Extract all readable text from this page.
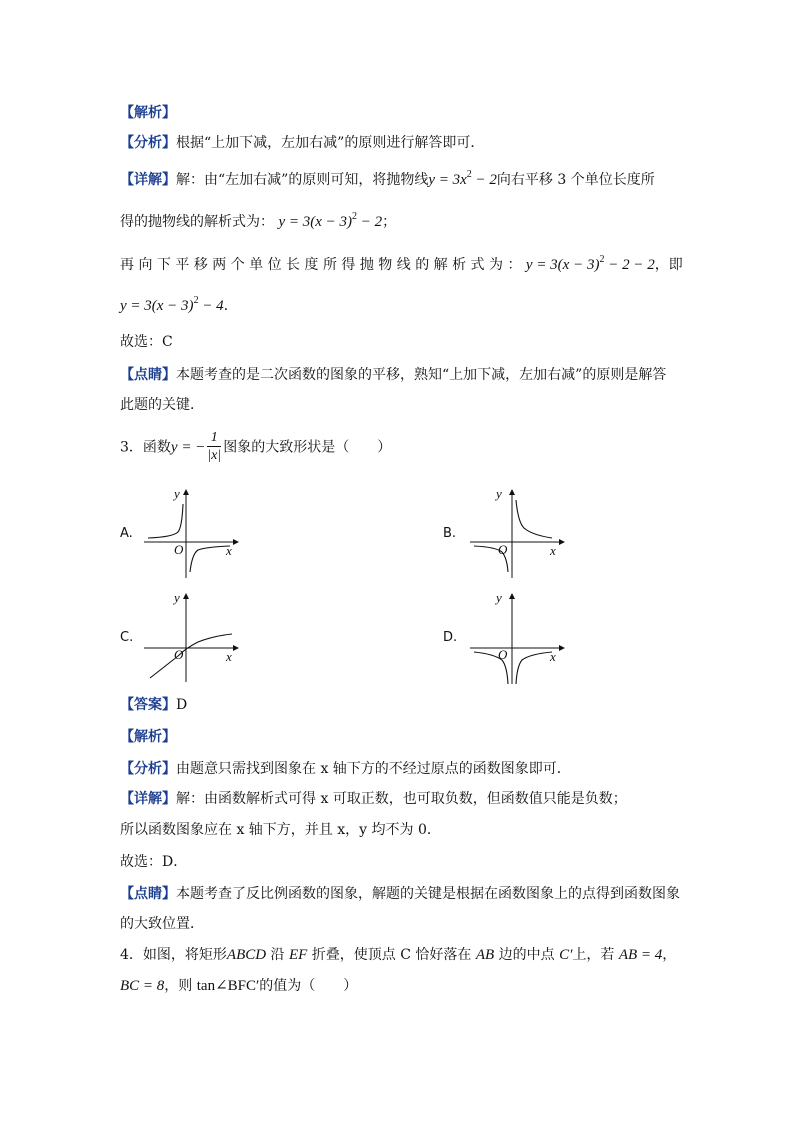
【解析】
【分析】根据“上加下减，左加右减”的原则进行解答即可．
【详解】解：由“左加右减”的原则可知，将抛物线$y = 3x^2 - 2$向右平移 3 个单位长度所
得的抛物线的解析式为： $y = 3(x - 3)^2 - 2$；
再 向 下 平 移 两 个 单 位 长 度 所 得 抛 物 线 的 解 析 式 为 ： $y = 3(x - 3)^2 - 2 - 2$，即
$y = 3(x - 3)^2 - 4$．
故选：C
【点睛】本题考查的是二次函数的图象的平移，熟知“上加下减，左加右减”的原则是解答
此题的关键．
3．函数y = − $\frac{1}{|x|}$ 图象的大致形状是（　　）
A.	B.
C.	D.
y
x
O
y
x
O
y
x
O
y
x
O
【答案】D
【解析】
【分析】由题意只需找到图象在 x 轴下方的不经过原点的函数图象即可．
【详解】解：由函数解析式可得 x 可取正数，也可取负数，但函数值只能是负数；
所以函数图象应在 x 轴下方，并且 x，y 均不为 0．
故选：D．
【点睛】本题考查了反比例函数的图象，解题的关键是根据在函数图象上的点得到函数图象
的大致位置．
4．如图，将矩形ABCD 沿 EF 折叠，使顶点 C 恰好落在 AB 边的中点 C′上，若 AB = 4，
BC = 8，则 tan∠BFC′的值为（　　）
